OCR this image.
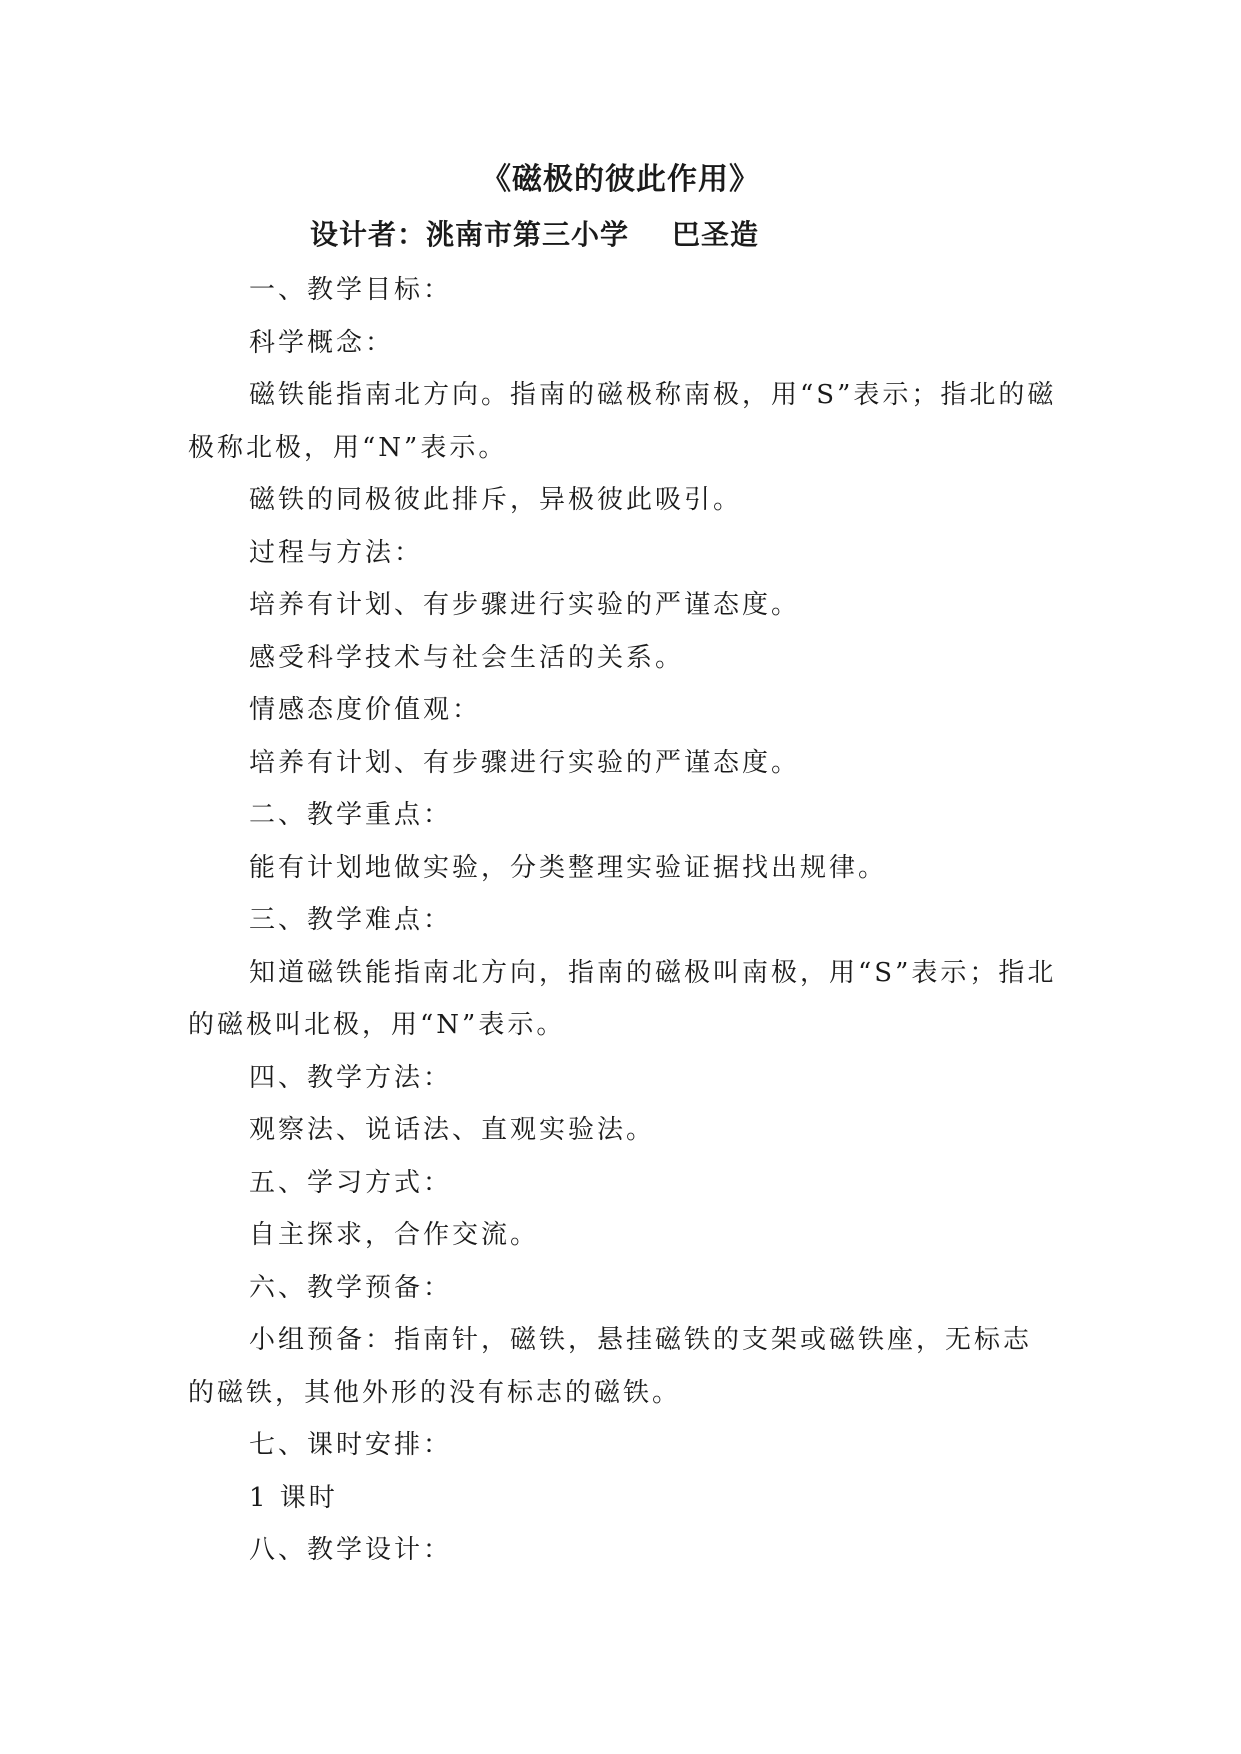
《磁极的彼此作用》
设计者：洮南市第三小学    巴圣造

一、教学目标：

科学概念：

磁铁能指南北方向。指南的磁极称南极，用“S”表示；指北的磁极称北极，用“N”表示。

磁铁的同极彼此排斥，异极彼此吸引。

过程与方法：

培养有计划、有步骤进行实验的严谨态度。

感受科学技术与社会生活的关系。

情感态度价值观：

培养有计划、有步骤进行实验的严谨态度。

二、教学重点：

能有计划地做实验，分类整理实验证据找出规律。

三、教学难点：

知道磁铁能指南北方向，指南的磁极叫南极，用“S”表示；指北的磁极叫北极，用“N”表示。

四、教学方法：

观察法、说话法、直观实验法。

五、学习方式：

自主探求，合作交流。

六、教学预备：

小组预备：指南针，磁铁，悬挂磁铁的支架或磁铁座，无标志的磁铁，其他外形的没有标志的磁铁。

七、课时安排：

1 课时

八、教学设计：
